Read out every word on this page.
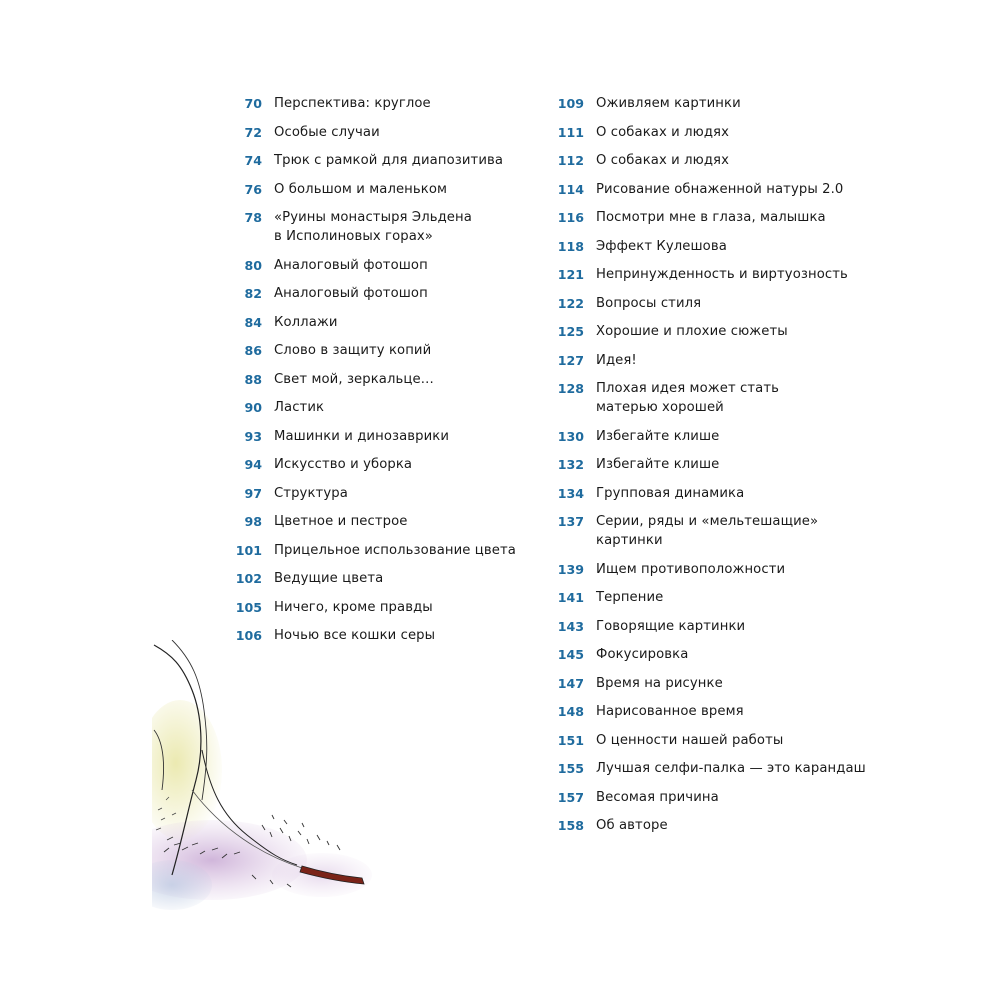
70 Перспектива: круглое
72 Особые случаи
74 Трюк с рамкой для диапозитива
76 О большом и маленьком
78 «Руины монастыря Эльдена
в Исполиновых горах»
80 Аналоговый фотошоп
82 Аналоговый фотошоп
84 Коллажи
86 Слово в защиту копий
88 Свет мой, зеркальце…
90 Ластик
93 Машинки и динозаврики
94 Искусство и уборка
97 Структура
98 Цветное и пестрое
101 Прицельное использование цвета
102 Ведущие цвета
105 Ничего, кроме правды
106 Ночью все кошки серы
109 Оживляем картинки
111 О собаках и людях
112 О собаках и людях
114 Рисование обнаженной натуры 2.0
116 Посмотри мне в глаза, малышка
118 Эффект Кулешова
121 Непринужденность и виртуозность
122 Вопросы стиля
125 Хорошие и плохие сюжеты
127 Идея!
128 Плохая идея может стать
матерью хорошей
130 Избегайте клише
132 Избегайте клише
134 Групповая динамика
137 Серии, ряды и «мельтешащие»
картинки
139 Ищем противоположности
141 Терпение
143 Говорящие картинки
145 Фокусировка
147 Время на рисунке
148 Нарисованное время
151 О ценности нашей работы
155 Лучшая селфи-палка — это карандаш
157 Весомая причина
158 Об авторе
